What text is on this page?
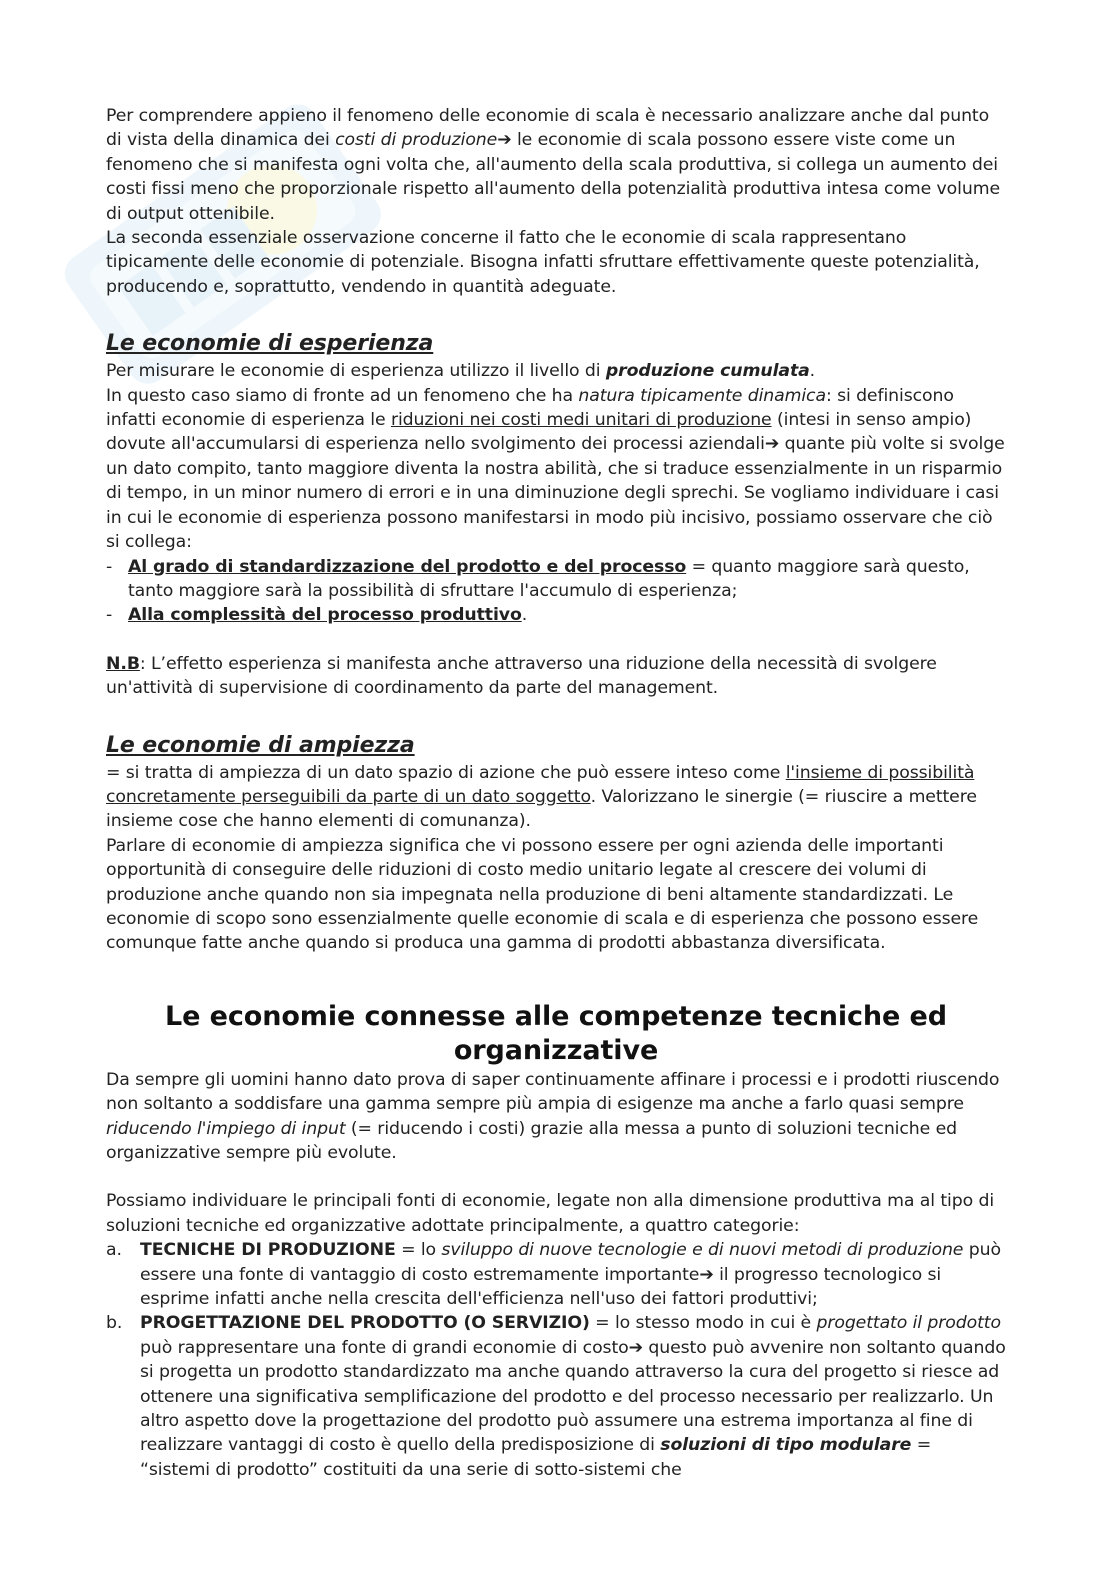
Per comprendere appieno il fenomeno delle economie di scala è necessario analizzare anche dal punto di vista della dinamica dei costi di produzione➔ le economie di scala possono essere viste come un fenomeno che si manifesta ogni volta che, all'aumento della scala produttiva, si collega un aumento dei costi fissi meno che proporzionale rispetto all'aumento della potenzialità produttiva intesa come volume di output ottenibile.

La seconda essenziale osservazione concerne il fatto che le economie di scala rappresentano tipicamente delle economie di potenziale. Bisogna infatti sfruttare effettivamente queste potenzialità, producendo e, soprattutto, vendendo in quantità adeguate.

Le economie di esperienza

Per misurare le economie di esperienza utilizzo il livello di produzione cumulata.

In questo caso siamo di fronte ad un fenomeno che ha natura tipicamente dinamica: si definiscono infatti economie di esperienza le riduzioni nei costi medi unitari di produzione (intesi in senso ampio) dovute all'accumularsi di esperienza nello svolgimento dei processi aziendali➔ quante più volte si svolge un dato compito, tanto maggiore diventa la nostra abilità, che si traduce essenzialmente in un risparmio di tempo, in un minor numero di errori e in una diminuzione degli sprechi. Se vogliamo individuare i casi in cui le economie di esperienza possono manifestarsi in modo più incisivo, possiamo osservare che ciò si collega:

- Al grado di standardizzazione del prodotto e del processo = quanto maggiore sarà questo, tanto maggiore sarà la possibilità di sfruttare l'accumulo di esperienza;
- Alla complessità del processo produttivo.

N.B: L’effetto esperienza si manifesta anche attraverso una riduzione della necessità di svolgere un'attività di supervisione di coordinamento da parte del management.

Le economie di ampiezza

= si tratta di ampiezza di un dato spazio di azione che può essere inteso come l'insieme di possibilità concretamente perseguibili da parte di un dato soggetto. Valorizzano le sinergie (= riuscire a mettere insieme cose che hanno elementi di comunanza).

Parlare di economie di ampiezza significa che vi possono essere per ogni azienda delle importanti opportunità di conseguire delle riduzioni di costo medio unitario legate al crescere dei volumi di produzione anche quando non sia impegnata nella produzione di beni altamente standardizzati. Le economie di scopo sono essenzialmente quelle economie di scala e di esperienza che possono essere comunque fatte anche quando si produca una gamma di prodotti abbastanza diversificata.

Le economie connesse alle competenze tecniche ed organizzative

Da sempre gli uomini hanno dato prova di saper continuamente affinare i processi e i prodotti riuscendo non soltanto a soddisfare una gamma sempre più ampia di esigenze ma anche a farlo quasi sempre riducendo l'impiego di input (= riducendo i costi) grazie alla messa a punto di soluzioni tecniche ed organizzative sempre più evolute.

Possiamo individuare le principali fonti di economie, legate non alla dimensione produttiva ma al tipo di soluzioni tecniche ed organizzative adottate principalmente, a quattro categorie:

a. TECNICHE DI PRODUZIONE = lo sviluppo di nuove tecnologie e di nuovi metodi di produzione può essere una fonte di vantaggio di costo estremamente importante➔ il progresso tecnologico si esprime infatti anche nella crescita dell'efficienza nell'uso dei fattori produttivi;
b. PROGETTAZIONE DEL PRODOTTO (O SERVIZIO) = lo stesso modo in cui è progettato il prodotto può rappresentare una fonte di grandi economie di costo➔ questo può avvenire non soltanto quando si progetta un prodotto standardizzato ma anche quando attraverso la cura del progetto si riesce ad ottenere una significativa semplificazione del prodotto e del processo necessario per realizzarlo. Un altro aspetto dove la progettazione del prodotto può assumere una estrema importanza al fine di realizzare vantaggi di costo è quello della predisposizione di soluzioni di tipo modulare = “sistemi di prodotto” costituiti da una serie di sotto-sistemi che
